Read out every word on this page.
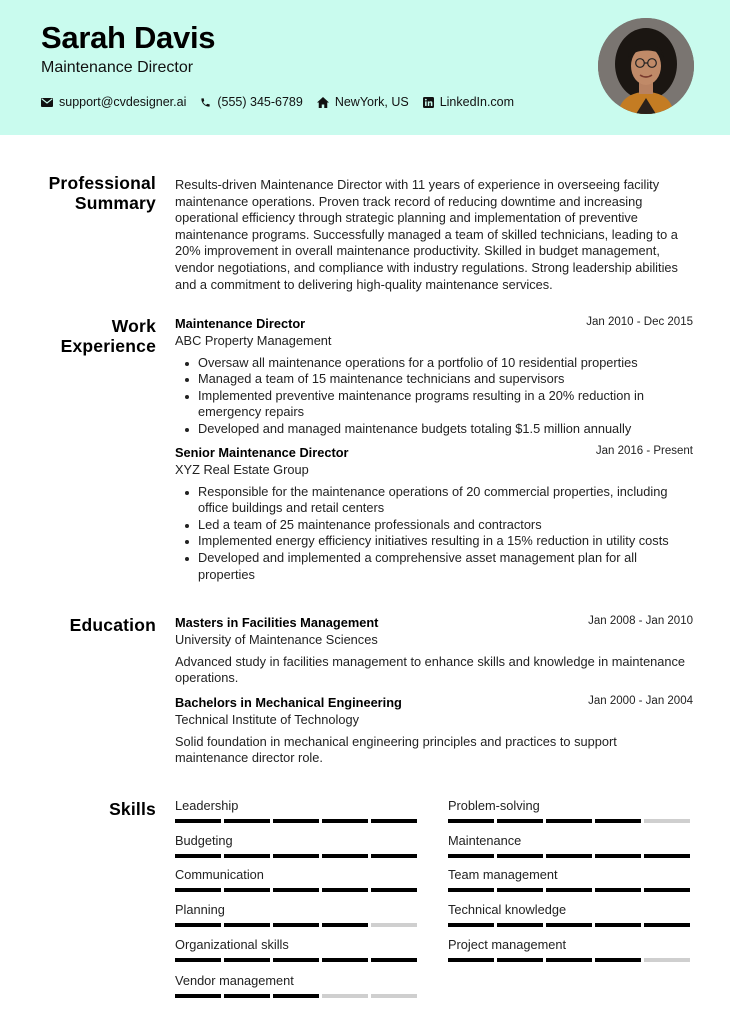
Sarah Davis
Maintenance Director
support@cvdesigner.ai (555) 345-6789	NewYork, US LinkedIn.com
Professional
Summary
Results-driven Maintenance Director with 11 years of experience in overseeing facility maintenance operations. Proven track record of reducing downtime and increasing operational efficiency through strategic planning and implementation of preventive maintenance programs. Successfully managed a team of skilled technicians, leading to a 20% improvement in overall maintenance productivity. Skilled in budget management, vendor negotiations, and compliance with industry regulations. Strong leadership abilities and a commitment to delivering high-quality maintenance services.
Work
Experience
Maintenance Director	Jan 2010 - Dec 2015
ABC Property Management
Oversaw all maintenance operations for a portfolio of 10 residential properties
Managed a team of 15 maintenance technicians and supervisors
Implemented preventive maintenance programs resulting in a 20% reduction in emergency repairs
Developed and managed maintenance budgets totaling $1.5 million annually
Senior Maintenance Director	Jan 2016 - Present
XYZ Real Estate Group
Responsible for the maintenance operations of 20 commercial properties, including office buildings and retail centers
Led a team of 25 maintenance professionals and contractors
Implemented energy efficiency initiatives resulting in a 15% reduction in utility costs
Developed and implemented a comprehensive asset management plan for all properties
Education Masters in Facilities Management	Jan 2008 - Jan 2010
University of Maintenance Sciences
Advanced study in facilities management to enhance skills and knowledge in maintenance operations.
Bachelors in Mechanical Engineering	Jan 2000 - Jan 2004
Technical Institute of Technology
Solid foundation in mechanical engineering principles and practices to support maintenance director role.
Skills Leadership	Problem-solving
Budgeting	Maintenance
Communication	Team management
Planning	Technical knowledge
Organizational skills	Project management
Vendor management
